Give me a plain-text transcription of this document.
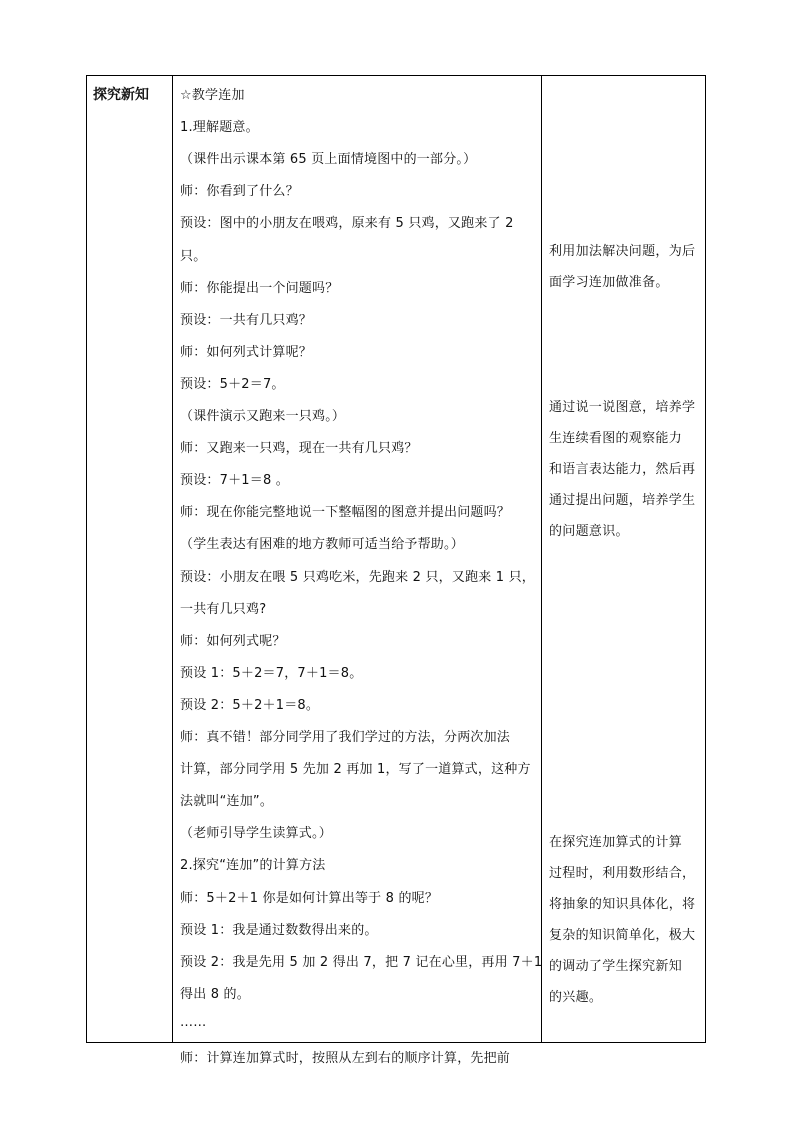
探究新知 ☆教学连加
1.理解题意。
（课件出示课本第 65 页上面情境图中的一部分。）
师：你看到了什么？
预设：图中的小朋友在喂鸡，原来有 5 只鸡，又跑来了 2
只。
师：你能提出一个问题吗？
预设：一共有几只鸡？
师：如何列式计算呢？
预设：5＋2＝7。
（课件演示又跑来一只鸡。）
师：又跑来一只鸡，现在一共有几只鸡？
预设：7＋1＝8 。
师：现在你能完整地说一下整幅图的图意并提出问题吗？
（学生表达有困难的地方教师可适当给予帮助。）
预设：小朋友在喂 5 只鸡吃米，先跑来 2 只，又跑来 1 只，
一共有几只鸡?
师：如何列式呢？
预设 1：5＋2＝7，7＋1＝8。
预设 2：5＋2＋1＝8。
师：真不错！部分同学用了我们学过的方法，分两次加法
计算，部分同学用 5 先加 2 再加 1，写了一道算式，这种方
法就叫“连加”。
（老师引导学生读算式。）
2.探究“连加”的计算方法
师：5＋2＋1 你是如何计算出等于 8 的呢？
预设 1：我是通过数数得出来的。
预设 2：我是先用 5 加 2 得出 7，把 7 记在心里，再用 7＋1
得出 8 的。
……
师：计算连加算式时，按照从左到右的顺序计算，先把前
利用加法解决问题，为后
面学习连加做准备。
通过说一说图意，培养学
生连续看图的观察能力
和语言表达能力，然后再
通过提出问题，培养学生
的问题意识。
在探究连加算式的计算
过程时，利用数形结合，
将抽象的知识具体化，将
复杂的知识简单化，极大
的调动了学生探究新知
的兴趣。
